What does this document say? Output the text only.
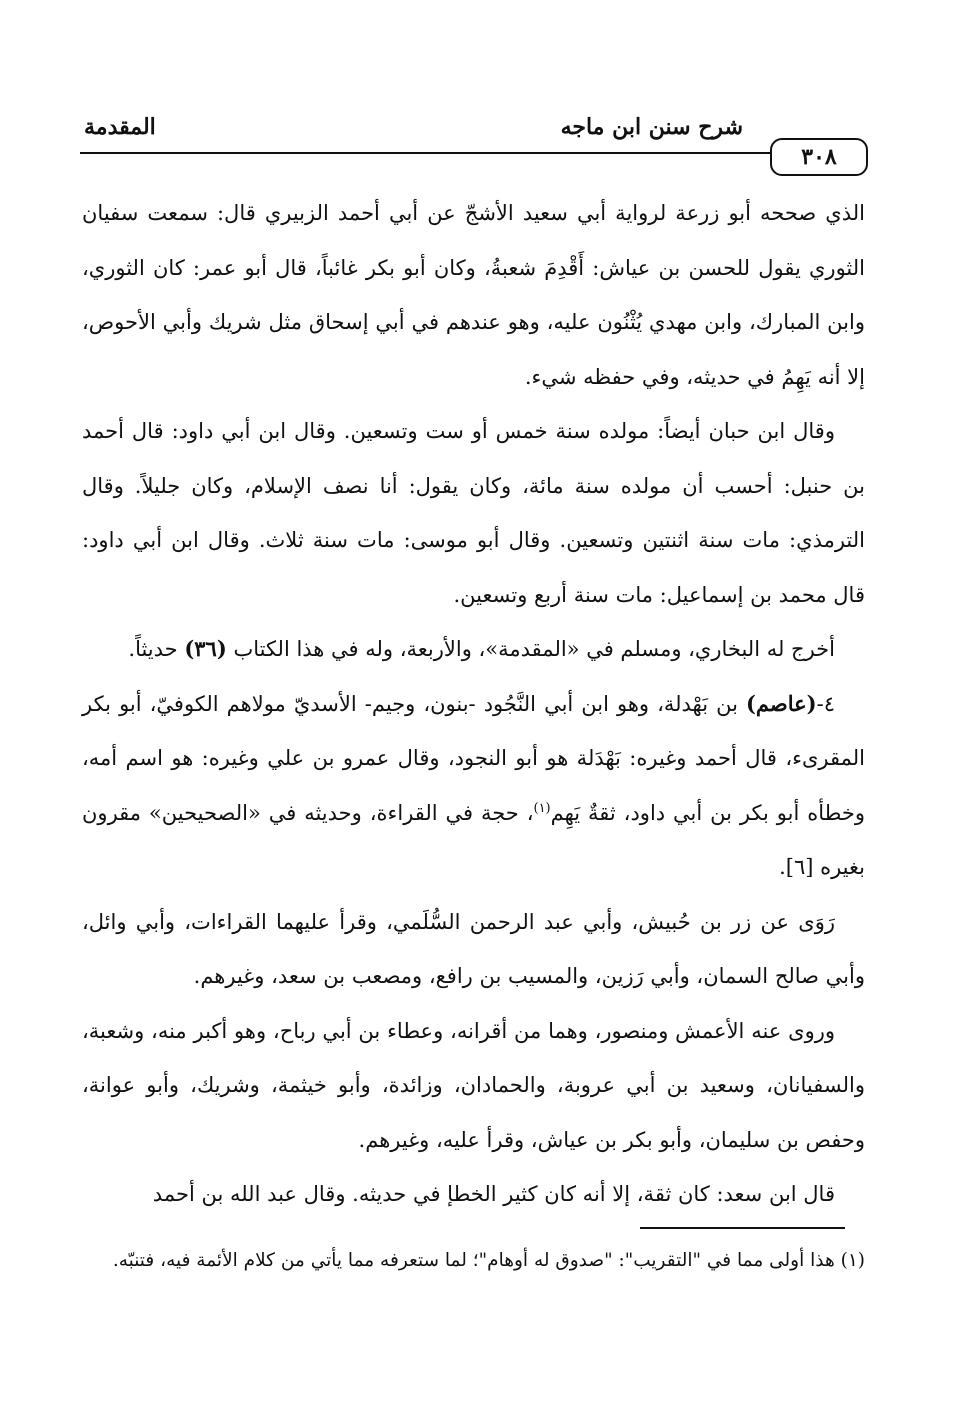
٣٠٨
شرح سنن ابن ماجه
المقدمة

الذي صححه أبو زرعة لرواية أبي سعيد الأشجّ عن أبي أحمد الزبيري قال: سمعت سفيان الثوري يقول للحسن بن عياش: أَقْدِمَ شعبةُ، وكان أبو بكر غائباً، قال أبو عمر: كان الثوري، وابن المبارك، وابن مهدي يُثْنُون عليه، وهو عندهم في أبي إسحاق مثل شريك وأبي الأحوص، إلا أنه يَهِمُ في حديثه، وفي حفظه شيء.

وقال ابن حبان أيضاً: مولده سنة خمس أو ست وتسعين. وقال ابن أبي داود: قال أحمد بن حنبل: أحسب أن مولده سنة مائة، وكان يقول: أنا نصف الإسلام، وكان جليلاً. وقال الترمذي: مات سنة اثنتين وتسعين. وقال أبو موسى: مات سنة ثلاث. وقال ابن أبي داود: قال محمد بن إسماعيل: مات سنة أربع وتسعين.

أخرج له البخاري، ومسلم في «المقدمة»، والأربعة، وله في هذا الكتاب (٣٦) حديثاً.

٤-(عاصم) بن بَهْدلة، وهو ابن أبي النَّجُود -بنون، وجيم- الأسديّ مولاهم الكوفيّ، أبو بكر المقرىء، قال أحمد وغيره: بَهْدَلة هو أبو النجود، وقال عمرو بن علي وغيره: هو اسم أمه، وخطأه أبو بكر بن أبي داود، ثقةٌ يَهِم$^{(١)}$، حجة في القراءة، وحديثه في «الصحيحين» مقرون بغيره [٦].

رَوَى عن زر بن حُبيش، وأبي عبد الرحمن السُّلَمي، وقرأ عليهما القراءات، وأبي وائل، وأبي صالح السمان، وأبي رَزين، والمسيب بن رافع، ومصعب بن سعد، وغيرهم.

وروى عنه الأعمش ومنصور، وهما من أقرانه، وعطاء بن أبي رباح، وهو أكبر منه، وشعبة، والسفيانان، وسعيد بن أبي عروبة، والحمادان، وزائدة، وأبو خيثمة، وشريك، وأبو عوانة، وحفص بن سليمان، وأبو بكر بن عياش، وقرأ عليه، وغيرهم.

قال ابن سعد: كان ثقة، إلا أنه كان كثير الخطإ في حديثه. وقال عبد الله بن أحمد

(١) هذا أولى مما في "التقريب": "صدوق له أوهام"؛ لما ستعرفه مما يأتي من كلام الأئمة فيه، فتنبّه.
